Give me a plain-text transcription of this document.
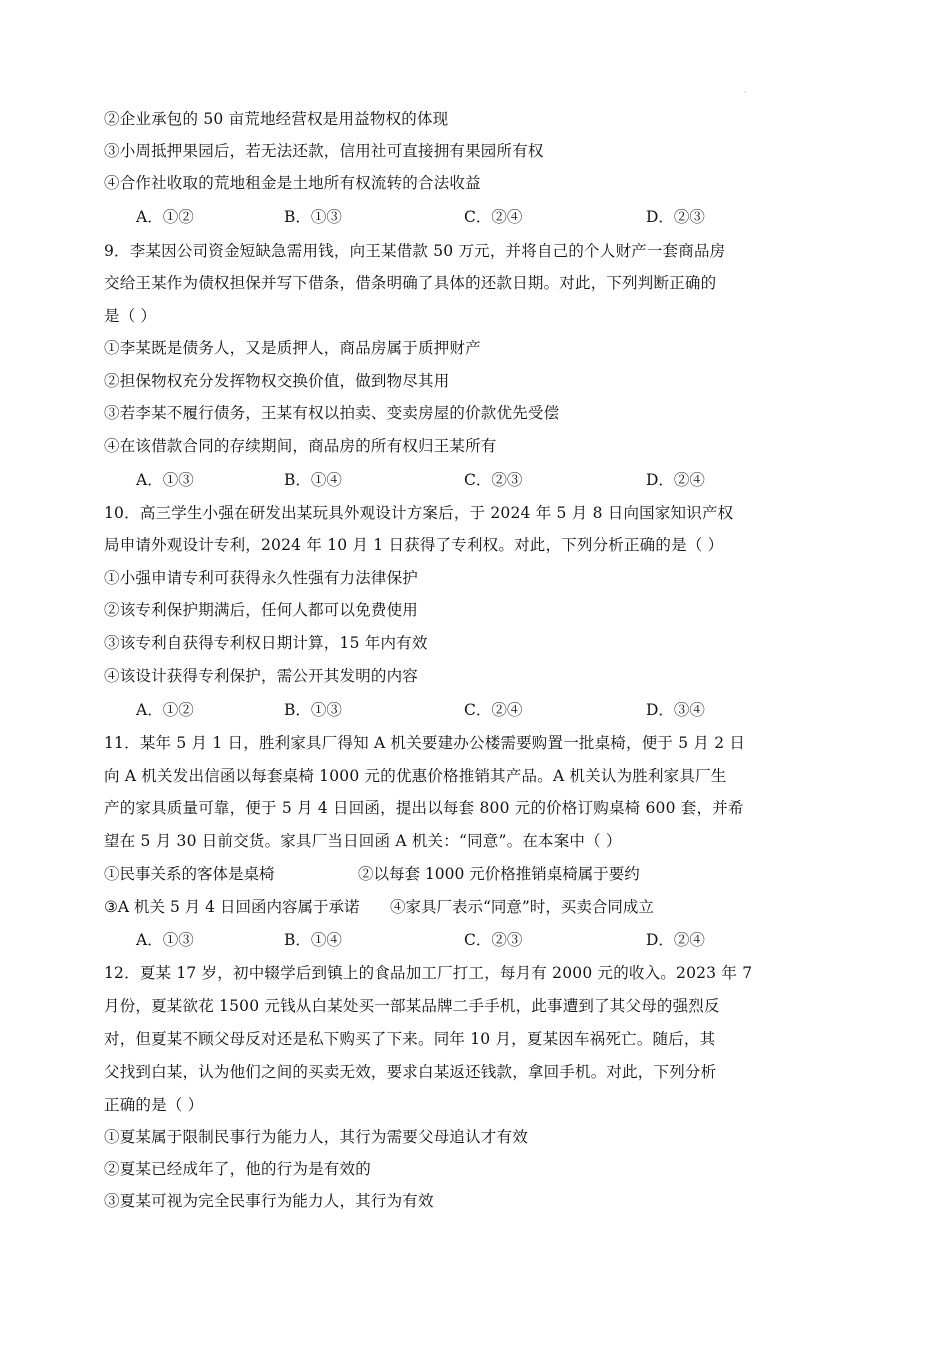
·
②企业承包的 50 亩荒地经营权是用益物权的体现
③小周抵押果园后，若无法还款，信用社可直接拥有果园所有权
④合作社收取的荒地租金是土地所有权流转的合法收益
A．①②	B．①③	C．②④	D．②③
9．李某因公司资金短缺急需用钱，向王某借款 50 万元，并将自己的个人财产一套商品房
交给王某作为债权担保并写下借条，借条明确了具体的还款日期。对此，下列判断正确的
是（ ）
①李某既是债务人，又是质押人，商品房属于质押财产
②担保物权充分发挥物权交换价值，做到物尽其用
③若李某不履行债务，王某有权以拍卖、变卖房屋的价款优先受偿
④在该借款合同的存续期间，商品房的所有权归王某所有
A．①③	B．①④	C．②③	D．②④
10．高三学生小强在研发出某玩具外观设计方案后，于 2024 年 5 月 8 日向国家知识产权
局申请外观设计专利，2024 年 10 月 1 日获得了专利权。对此，下列分析正确的是（ ）
①小强申请专利可获得永久性强有力法律保护
②该专利保护期满后，任何人都可以免费使用
③该专利自获得专利权日期计算，15 年内有效
④该设计获得专利保护，需公开其发明的内容
A．①②	B．①③	C．②④	D．③④
11．某年 5 月 1 日，胜利家具厂得知 A 机关要建办公楼需要购置一批桌椅，便于 5 月 2 日
向 A 机关发出信函以每套桌椅 1000 元的优惠价格推销其产品。A 机关认为胜利家具厂生
产的家具质量可靠，便于 5 月 4 日回函，提出以每套 800 元的价格订购桌椅 600 套，并希
望在 5 月 30 日前交货。家具厂当日回函 A 机关：“同意”。在本案中（ ）
①民事关系的客体是桌椅	②以每套 1000 元价格推销桌椅属于要约
③A 机关 5 月 4 日回函内容属于承诺 ④家具厂表示“同意”时，买卖合同成立
A．①③	B．①④	C．②③	D．②④
12．夏某 17 岁，初中辍学后到镇上的食品加工厂打工，每月有 2000 元的收入。2023 年 7
月份，夏某欲花 1500 元钱从白某处买一部某品牌二手手机，此事遭到了其父母的强烈反
对，但夏某不顾父母反对还是私下购买了下来。同年 10 月，夏某因车祸死亡。随后，其
父找到白某，认为他们之间的买卖无效，要求白某返还钱款，拿回手机。对此，下列分析
正确的是（ ）
①夏某属于限制民事行为能力人，其行为需要父母追认才有效
②夏某已经成年了，他的行为是有效的
③夏某可视为完全民事行为能力人，其行为有效
